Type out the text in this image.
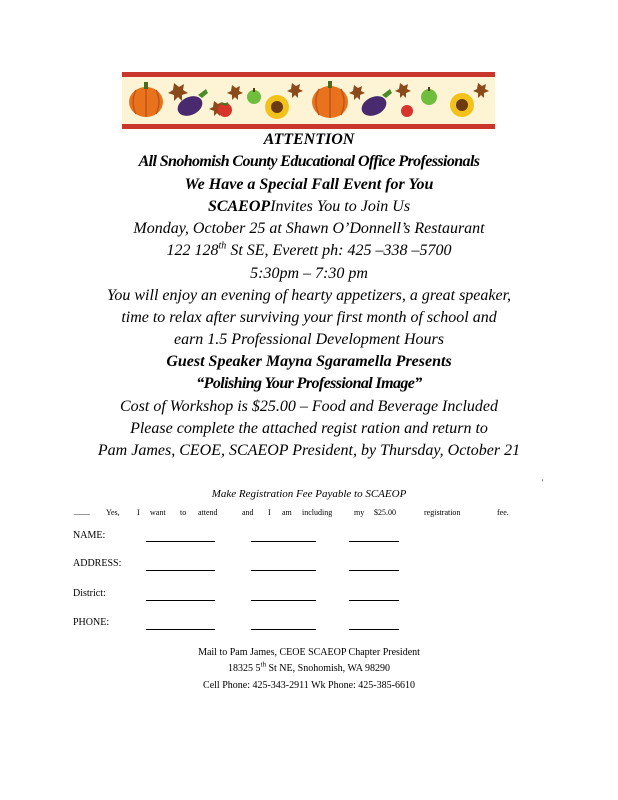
ATTENTION
All Snohomish County Educational Office Professionals
We Have a Special Fall Event for You
SCAEOPInvites You to Join Us
Monday, October 25 at Shawn O’Donnell’s Restaurant
122 128th St SE, Everett ph: 425 –338 –5700
5:30pm – 7:30 pm
You will enjoy an evening of hearty appetizers, a great speaker,
time to relax after surviving your first month of school and
earn 1.5 Professional Development Hours
Guest Speaker Mayna Sgaramella Presents
“Polishing Your Professional Image”
Cost of Workshop is $25.00 – Food and Beverage Included
Please complete the attached regist ration and return to
Pam James, CEOE, SCAEOP President, by Thursday, October 21
'
Make Registration Fee Payable to SCAEOP
____ Yes, I want to attend	and I am including	my $25.00	registration	fee.
NAME:
ADDRESS:
District:
PHONE:
Mail to Pam James, CEOE SCAEOP Chapter President
18325 5th St NE, Snohomish, WA 98290
Cell Phone: 425-343-2911 Wk Phone: 425-385-6610
